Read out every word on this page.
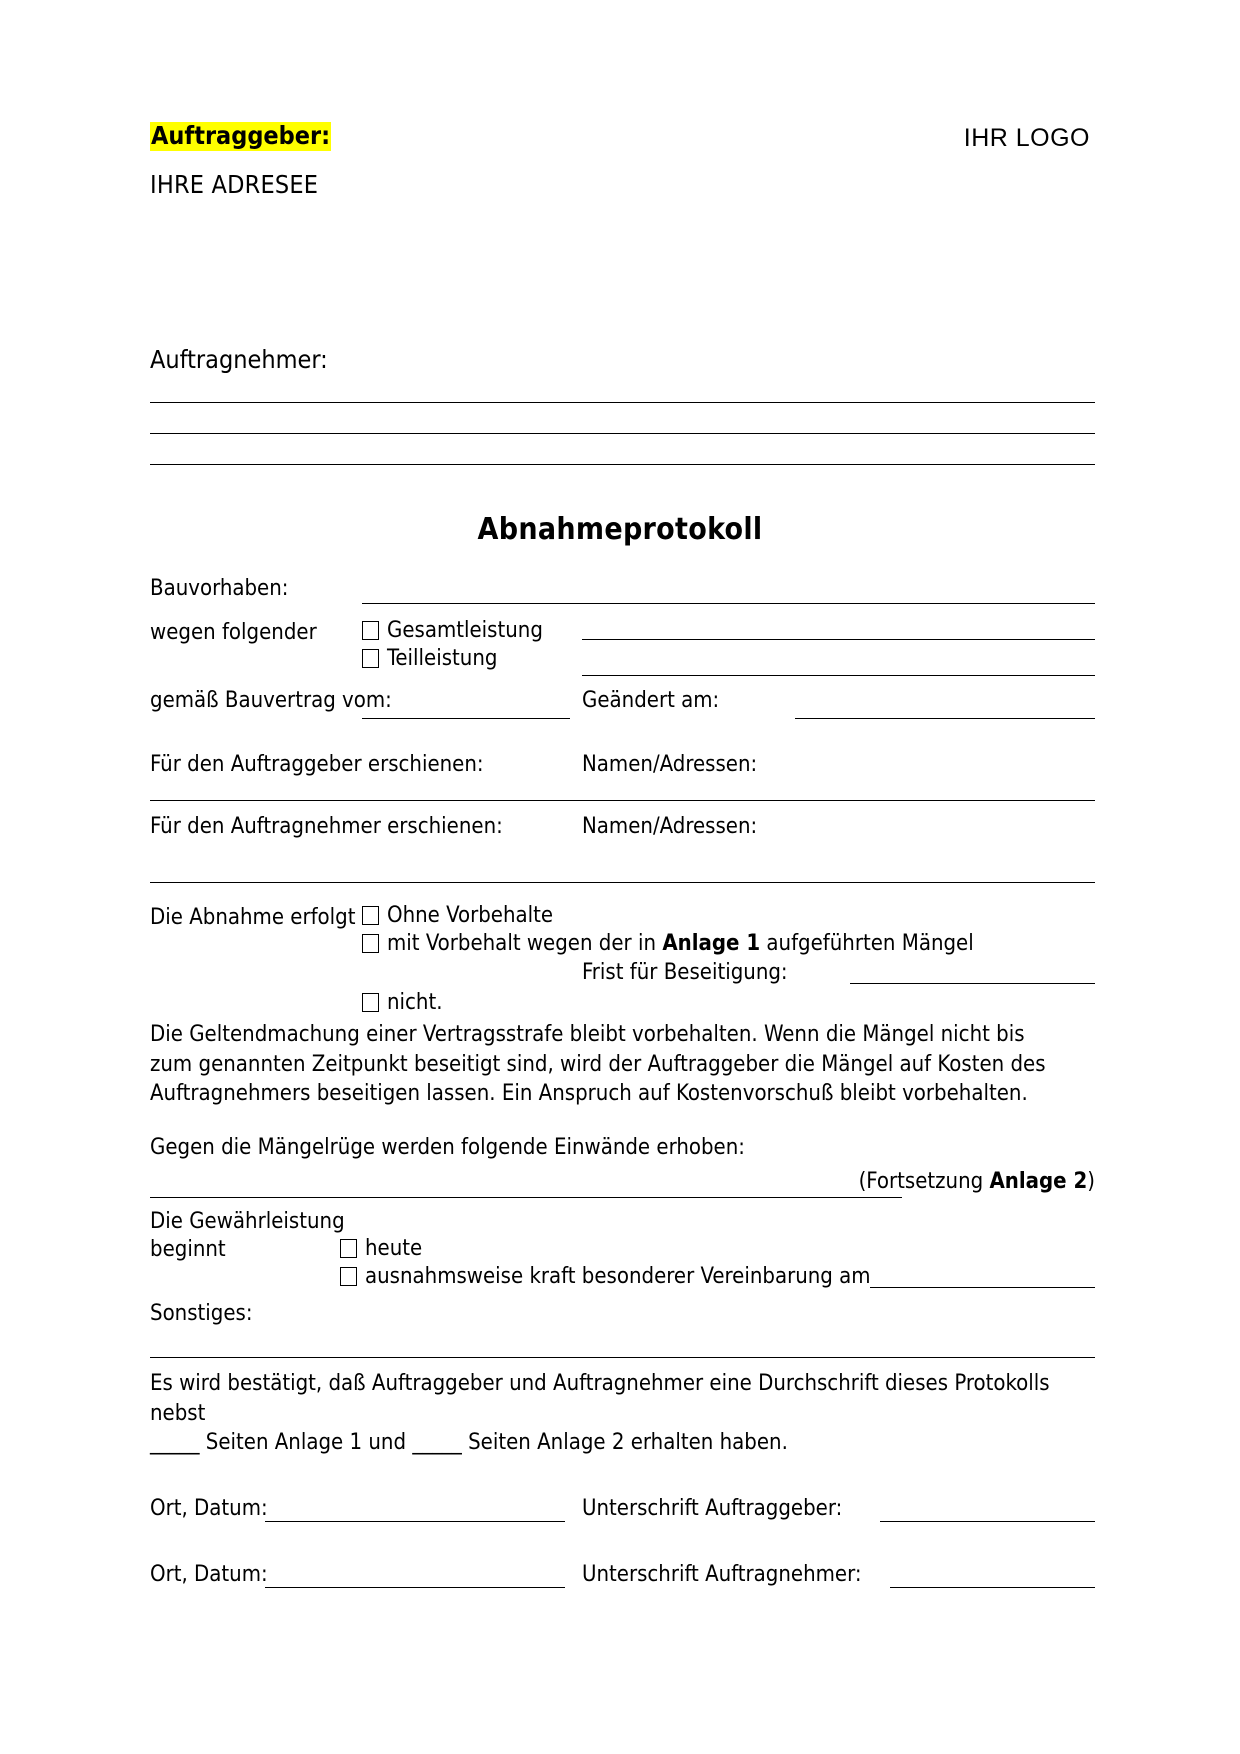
Auftraggeber:	IHR LOGO
IHRE ADRESEE
Auftragnehmer:
Abnahmeprotokoll
Bauvorhaben:
wegen folgender	Gesamtleistung
Teilleistung
gemäß Bauvertrag vom:	Geändert am:
Für den Auftraggeber erschienen:	Namen/Adressen:
Für den Auftragnehmer erschienen:	Namen/Adressen:
Die Abnahme erfolgt	Ohne Vorbehalte
mit Vorbehalt wegen der in Anlage 1 aufgeführten Mängel
Frist für Beseitigung:
nicht.
Die Geltendmachung einer Vertragsstrafe bleibt vorbehalten. Wenn die Mängel nicht bis zum genannten Zeitpunkt beseitigt sind, wird der Auftraggeber die Mängel auf Kosten des Auftragnehmers beseitigen lassen. Ein Anspruch auf Kostenvorschuß bleibt vorbehalten.
Gegen die Mängelrüge werden folgende Einwände erhoben:
(Fortsetzung Anlage 2)
Die Gewährleistung
beginnt	heute
ausnahmsweise kraft besonderer Vereinbarung am
Sonstiges:
Es wird bestätigt, daß Auftraggeber und Auftragnehmer eine Durchschrift dieses Protokolls nebst
_____ Seiten Anlage 1 und _____ Seiten Anlage 2 erhalten haben.
Ort, Datum:	Unterschrift Auftraggeber:
Ort, Datum:	Unterschrift Auftragnehmer:
